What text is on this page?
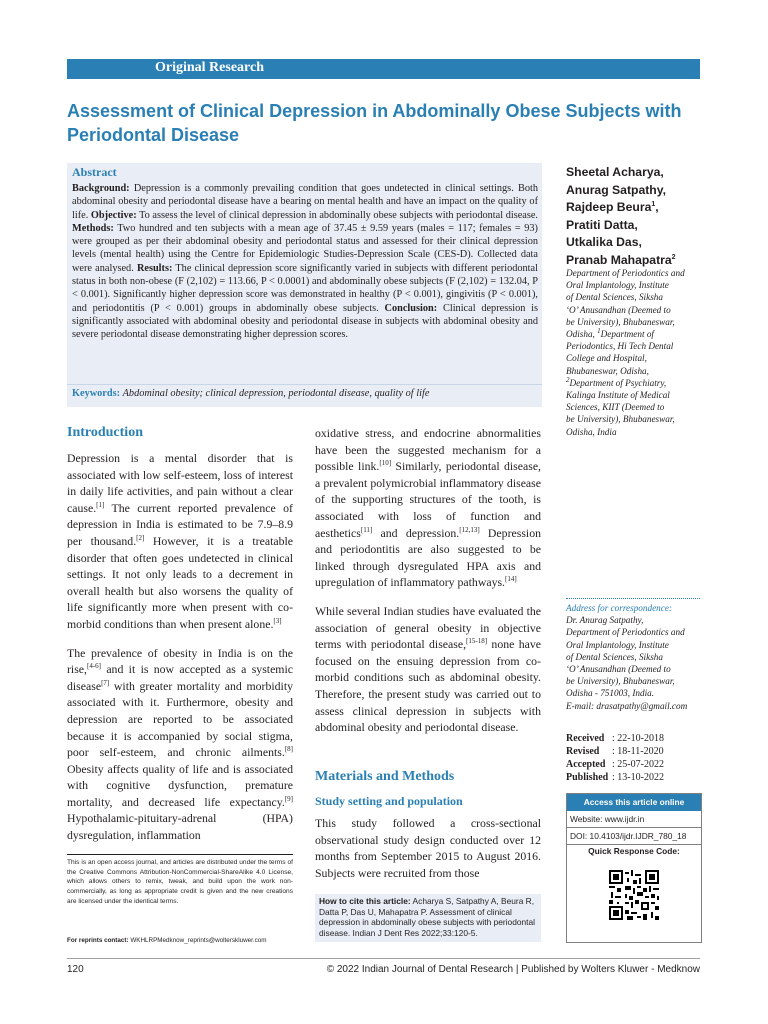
Original Research
Assessment of Clinical Depression in Abdominally Obese Subjects with Periodontal Disease
Abstract
Background: Depression is a commonly prevailing condition that goes undetected in clinical settings. Both abdominal obesity and periodontal disease have a bearing on mental health and have an impact on the quality of life. Objective: To assess the level of clinical depression in abdominally obese subjects with periodontal disease. Methods: Two hundred and ten subjects with a mean age of 37.45 ± 9.59 years (males = 117; females = 93) were grouped as per their abdominal obesity and periodontal status and assessed for their clinical depression levels (mental health) using the Centre for Epidemiologic Studies-Depression Scale (CES-D). Collected data were analysed. Results: The clinical depression score significantly varied in subjects with different periodontal status in both non-obese (F (2,102) = 113.66, P < 0.0001) and abdominally obese subjects (F (2,102) = 132.04, P < 0.001). Significantly higher depression score was demonstrated in healthy (P < 0.001), gingivitis (P < 0.001), and periodontitis (P < 0.001) groups in abdominally obese subjects. Conclusion: Clinical depression is significantly associated with abdominal obesity and periodontal disease in subjects with abdominal obesity and severe periodontal disease demonstrating higher depression scores.
Keywords: Abdominal obesity; clinical depression, periodontal disease, quality of life
Sheetal Acharya,
Anurag Satpathy,
Rajdeep Beura$^1$,
Pratiti Datta,
Utkalika Das,
Pranab Mahapatra$^2$
Department of Periodontics and
Oral Implantology, Institute
of Dental Sciences, Siksha
‘O’ Anusandhan (Deemed to
be University), Bhubaneswar,
Odisha, $^1$Department of
Periodontics, Hi Tech Dental
College and Hospital,
Bhubaneswar, Odisha,
$^2$Department of Psychiatry,
Kalinga Institute of Medical
Sciences, KIIT (Deemed to
be University), Bhubaneswar,
Odisha, India
Introduction

Depression is a mental disorder that is associated with low self-esteem, loss of interest in daily life activities, and pain without a clear cause.[1] The current reported prevalence of depression in India is estimated to be 7.9–8.9 per thousand.[2] However, it is a treatable disorder that often goes undetected in clinical settings. It not only leads to a decrement in overall health but also worsens the quality of life significantly more when present with co-morbid conditions than when present alone.[3]

The prevalence of obesity in India is on the rise,[4-6] and it is now accepted as a systemic disease[7] with greater mortality and morbidity associated with it. Furthermore, obesity and depression are reported to be associated because it is accompanied by social stigma, poor self-esteem, and chronic ailments.[8] Obesity affects quality of life and is associated with cognitive dysfunction, premature mortality, and decreased life expectancy.[9] Hypothalamic-pituitary-adrenal (HPA) dysregulation, inflammation

oxidative stress, and endocrine abnormalities have been the suggested mechanism for a possible link.[10] Similarly, periodontal disease, a prevalent polymicrobial inflammatory disease of the supporting structures of the tooth, is associated with loss of function and aesthetics[11] and depression.[12,13] Depression and periodontitis are also suggested to be linked through dysregulated HPA axis and upregulation of inflammatory pathways.[14]

While several Indian studies have evaluated the association of general obesity in objective terms with periodontal disease,[15-18] none have focused on the ensuing depression from co-morbid conditions such as abdominal obesity. Therefore, the present study was carried out to assess clinical depression in subjects with abdominal obesity and periodontal disease.

Materials and Methods
Study setting and population
This study followed a cross-sectional observational study design conducted over 12 months from September 2015 to August 2016. Subjects were recruited from those
How to cite this article: Acharya S, Satpathy A, Beura R, Datta P, Das U, Mahapatra P. Assessment of clinical depression in abdominally obese subjects with periodontal disease. Indian J Dent Res 2022;33:120-5.
Address for correspondence:
Dr. Anurag Satpathy,
Department of Periodontics and
Oral Implantology, Institute
of Dental Sciences, Siksha
‘O’ Anusandhan (Deemed to
be University), Bhubaneswar,
Odisha - 751003, India.
E-mail: drasatpathy@gmail.com
Received	: 22-10-2018
Revised	: 18-11-2020
Accepted	: 25-07-2022
Published	: 13-10-2022
Access this article online
Website: www.ijdr.in
DOI: 10.4103/ijdr.IJDR_780_18
Quick Response Code:
This is an open access journal, and articles are distributed under the terms of the Creative Commons Attribution-NonCommercial-ShareAlike 4.0 License, which allows others to remix, tweak, and build upon the work non-commercially, as long as appropriate credit is given and the new creations are licensed under the identical terms.
For reprints contact: WKHLRPMedknow_reprints@wolterskluwer.com
120	© 2022 Indian Journal of Dental Research | Published by Wolters Kluwer - Medknow
